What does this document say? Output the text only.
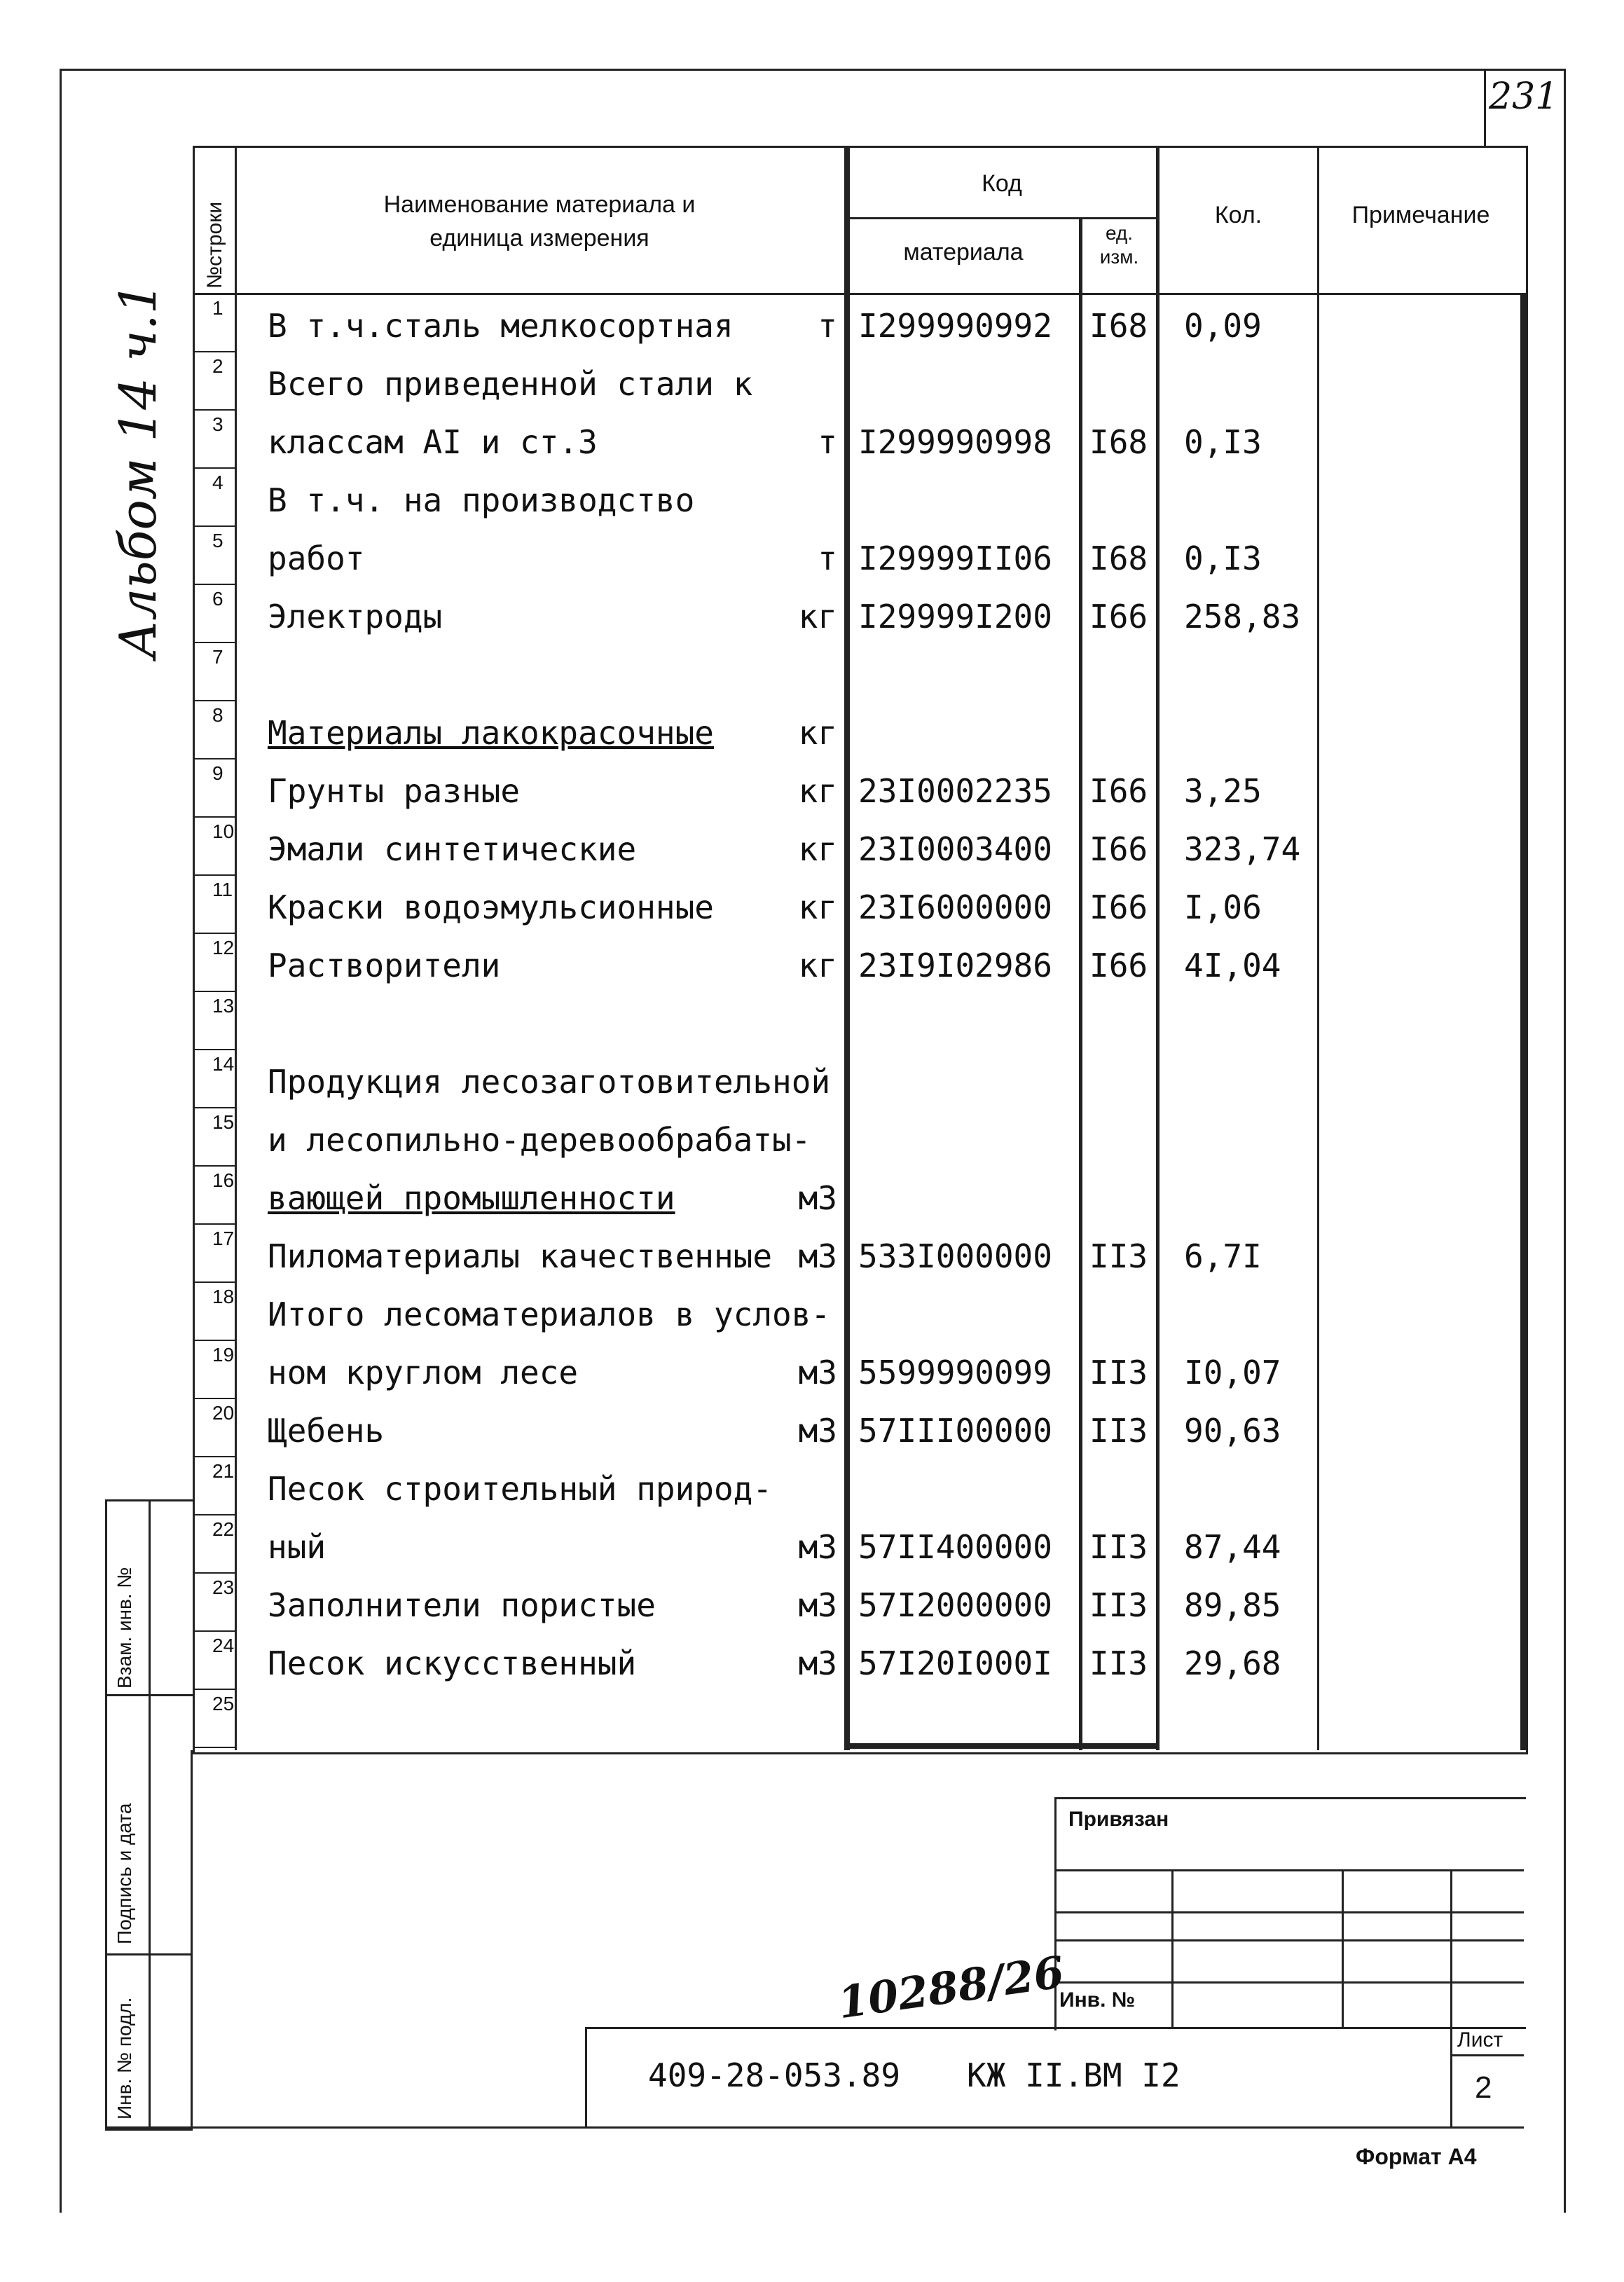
231
Альбом 14 ч.1
№строки	Наименование материала и
единица измерения
Код
материала
ед.
изм.
Кол.	Примечание
1 В т.ч.сталь мелкосортная	т I299990992 I68 0,09
2 Всего приведенной стали к
3 классам AI и ст.3	т I299990998 I68 0,I3
4 В т.ч. на производство
5 работ	т I29999II06 I68 0,I3
6 Электроды	кг I29999I200 I66 258,83
7
8 Материалы лакокрасочные	кг
9 Грунты разные	кг 23I0002235 I66 3,25
10 Эмали синтетические	кг 23I0003400 I66 323,74
11 Краски водоэмульсионные	кг 23I6000000 I66 I,06
12 Растворители	кг 23I9I02986 I66 4I,04
13
14 Продукция лесозаготовительной
15 и лесопильно-деревообрабаты-
16 вающей промышленности	м3
17 Пиломатериалы качественные м3 533I000000 II3 6,7I
18 Итого лесоматериалов в услов-
19 ном круглом лесе	м3 5599990099 II3 I0,07
20 Щебень	м3 57III00000 II3 90,63
21 Песок строительный природ-
22 ный	м3 57II400000 II3 87,44
23 Заполнители пористые	м3 57I2000000 II3 89,85
24 Песок искусственный	м3 57I20I000I II3 29,68
25
Взам. инв. №
Подпись и дата
Инв. № подл.
Привязан
Инв. №
10288/26
Лист
2
409-28-053.89 КЖ II.ВМ I2
Формат А4
